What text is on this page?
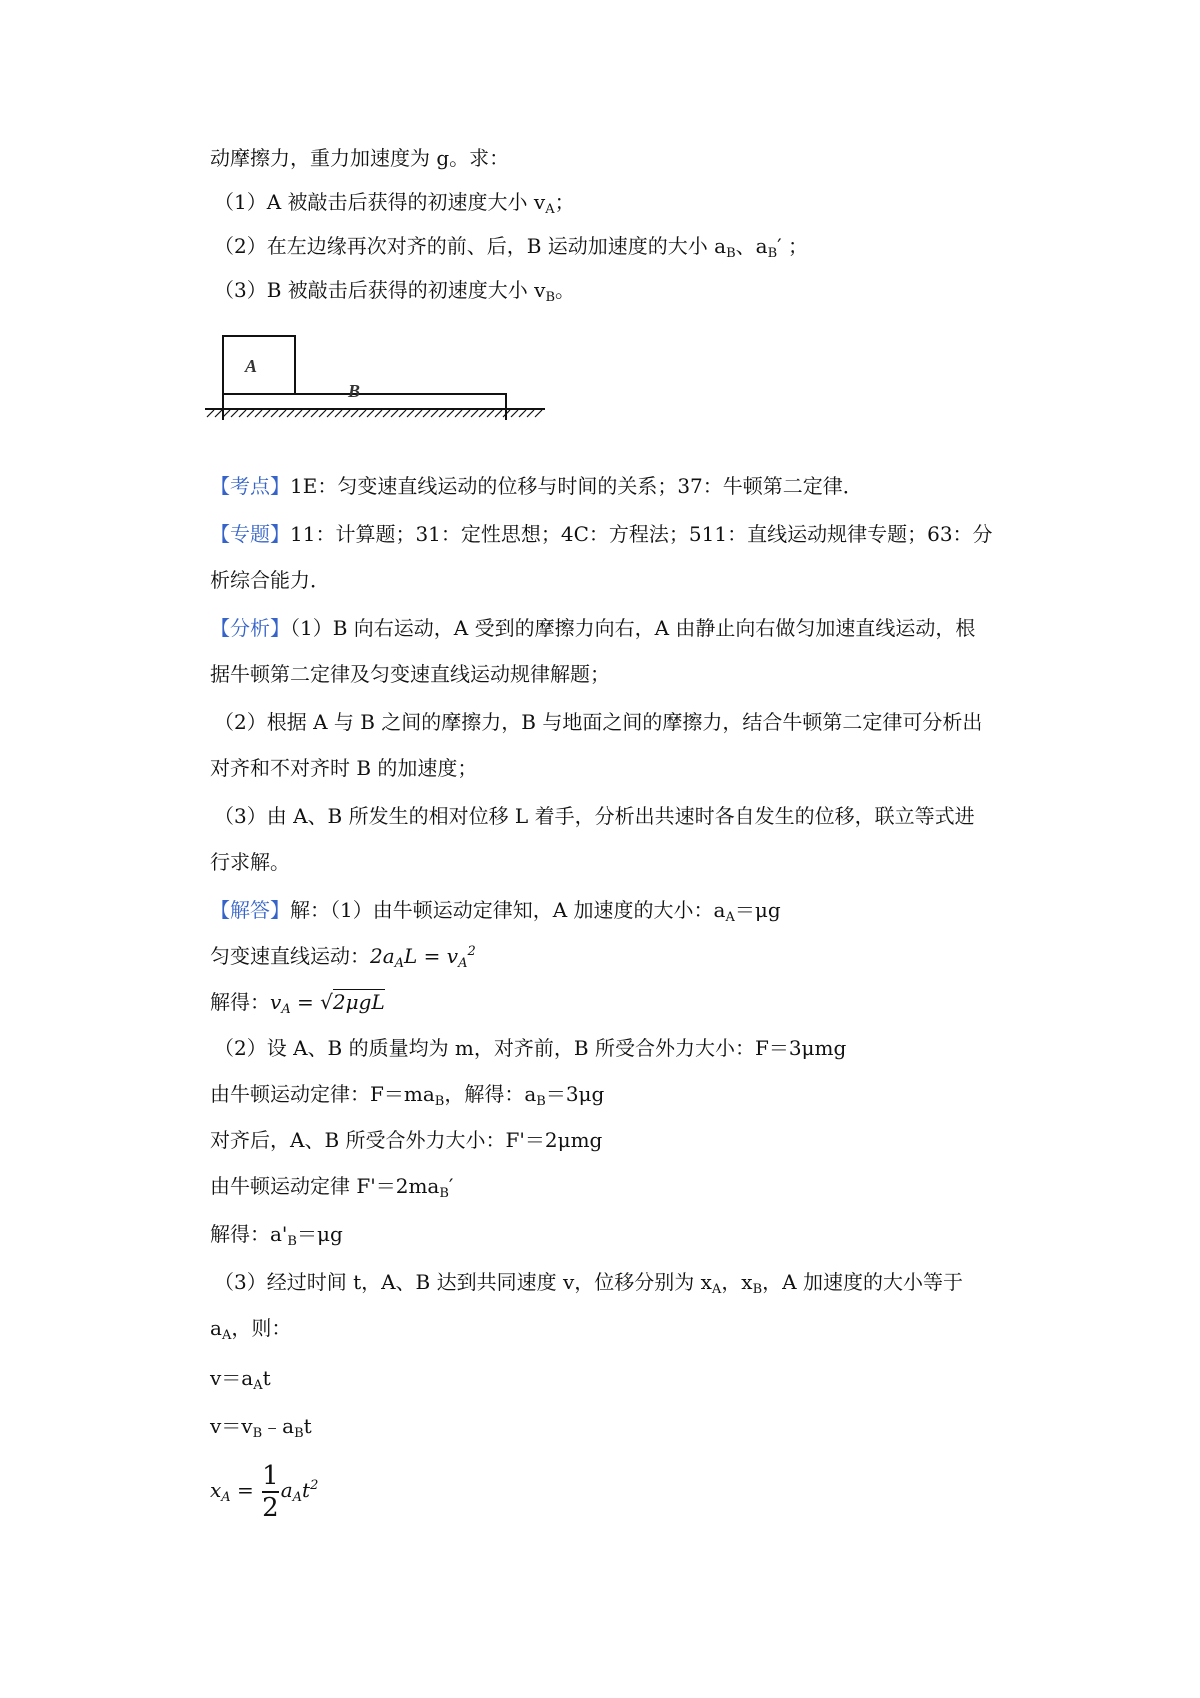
动摩擦力，重力加速度为 g。求：
（1）A 被敲击后获得的初速度大小 $v_A$；
（2）在左边缘再次对齐的前、后，B 运动加速度的大小 $a_B$、$a_B'$ ；
（3）B 被敲击后获得的初速度大小 $v_B$。
A
B
【考点】1E：匀变速直线运动的位移与时间的关系；37：牛顿第二定律．
【专题】11：计算题；31：定性思想；4C：方程法；511：直线运动规律专题；63：分
析综合能力．
【分析】（1）B 向右运动，A 受到的摩擦力向右，A 由静止向右做匀加速直线运动，根
据牛顿第二定律及匀变速直线运动规律解题；
（2）根据 A 与 B 之间的摩擦力，B 与地面之间的摩擦力，结合牛顿第二定律可分析出
对齐和不对齐时 B 的加速度；
（3）由 A、B 所发生的相对位移 L 着手，分析出共速时各自发生的位移，联立等式进
行求解。
【解答】解：（1）由牛顿运动定律知，A 加速度的大小：$a_A=\mu g$
匀变速直线运动：$2a_AL = v_A^2$
解得：$v_A = √2\mu gL$
（2）设 A、B 的质量均为 m，对齐前，B 所受合外力大小：F＝3μmg
由牛顿运动定律：$F=ma_B$，解得：$a_B=3\mu g$
对齐后，A、B 所受合外力大小：F'＝2μmg
由牛顿运动定律 $F'=2ma_B'$
解得：$a'_B=\mu g$
（3）经过时间 t，A、B 达到共同速度 v，位移分别为 $x_A$，$x_B$，A 加速度的大小等于
$a_A$，则：
$v=a_At$
$v=v_B﹣a_Bt$
$x_A = \frac{1}{2} a_At^2$
